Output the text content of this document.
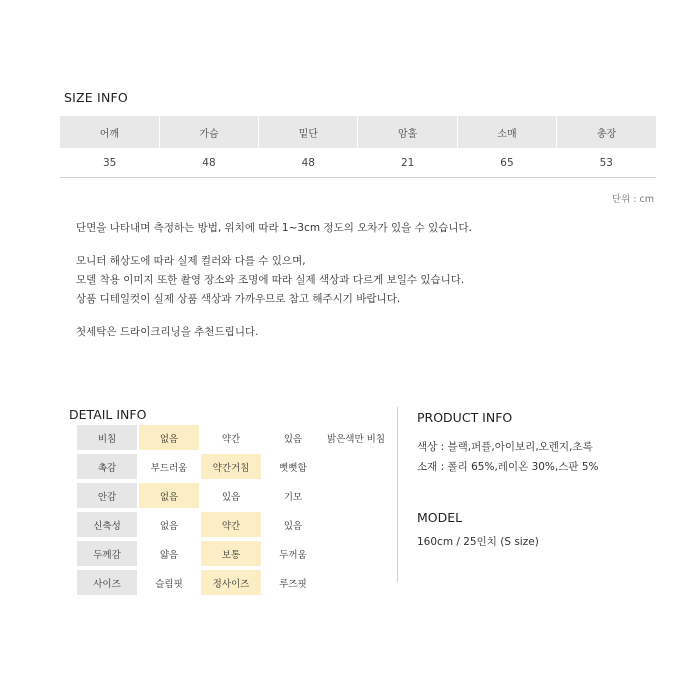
SIZE INFO
어깨	가슴	밑단	암홀	소매	총장
35	48	48	21	65	53
단위 : cm

단면을 나타내며 측정하는 방법, 위치에 따라 1~3cm 정도의 오차가 있을 수 있습니다.

모니터 해상도에 따라 실제 컬러와 다를 수 있으며,

모델 착용 이미지 또한 촬영 장소와 조명에 따라 실제 색상과 다르게 보일수 있습니다.

상품 디테일컷이 실제 상품 색상과 가까우므로 참고 해주시기 바랍니다.

첫세탁은 드라이크리닝을 추천드립니다.

DETAIL INFO
비침	없음	약간	있음	밝은색만 비침
촉감	부드러움	약간거침	뻣뻣함
안감	없음	있음	기모
신축성	없음	약간	있음
두께감	얇음	보통	두꺼움
사이즈	슬림핏	정사이즈	루즈핏
PRODUCT INFO
색상 : 블랙,퍼플,아이보리,오렌지,초록
소재 : 폴리 65%,레이온 30%,스판 5%
MODEL
160cm / 25인치 (S size)
